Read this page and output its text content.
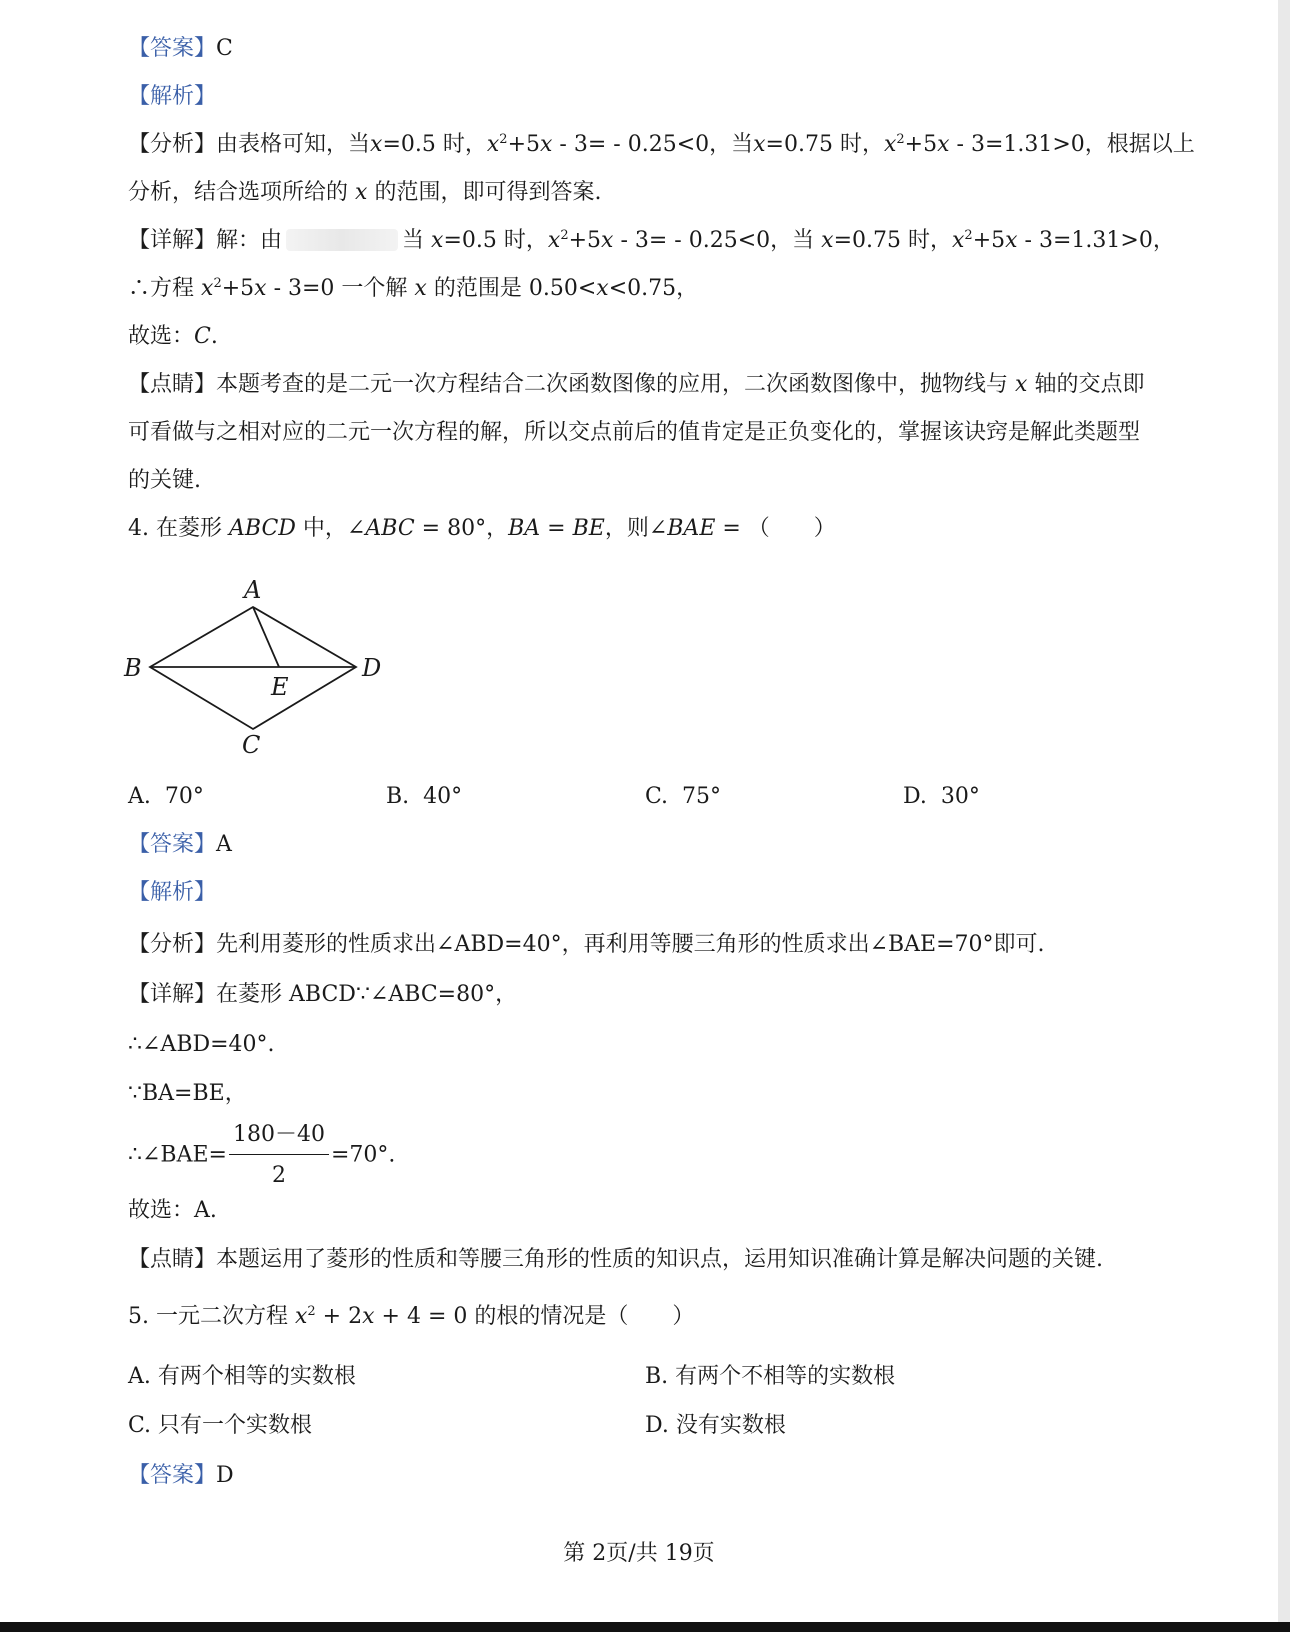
【答案】C
【解析】
【分析】由表格可知，当x=0.5 时，$x^2+5x - 3= - 0.25<0$，当x=0.75 时，$x^2+5x - 3=1.31>0$，根据以上
分析，结合选项所给的 x 的范围，即可得到答案.
【详解】解：由	当 x=0.5 时，$x^2+5x - 3= - 0.25<0$，当 x=0.75 时，$x^2+5x - 3=1.31>0$，
∴方程 $x^2+5x - 3=0$ 一个解 x 的范围是 0.50<x<0.75，
故选：C.
【点睛】本题考查的是二元一次方程结合二次函数图像的应用，二次函数图像中，抛物线与 x 轴的交点即
可看做与之相对应的二元一次方程的解，所以交点前后的值肯定是正负变化的，掌握该诀窍是解此类题型
的关键.
4. 在菱形 ABCD 中，∠ABC = 80°，BA = BE，则∠BAE = （　　）
A
B	D
E
C
A. 70°	B. 40°	C. 75°	D. 30°
【答案】A
【解析】
【分析】先利用菱形的性质求出∠ABD=40°，再利用等腰三角形的性质求出∠BAE=70°即可.
【详解】在菱形 ABCD∵∠ABC=80°，
∴∠ABD=40°.
∵BA=BE，
∴∠BAE= $\frac{180-40}{2} =70^\circ$.
故选：A.
【点睛】本题运用了菱形的性质和等腰三角形的性质的知识点，运用知识准确计算是解决问题的关键.
5. 一元二次方程 $x^2 + 2x + 4 = 0$ 的根的情况是（　　）
A. 有两个相等的实数根	B. 有两个不相等的实数根
C. 只有一个实数根	D. 没有实数根
【答案】D
第 2页/共 19页
